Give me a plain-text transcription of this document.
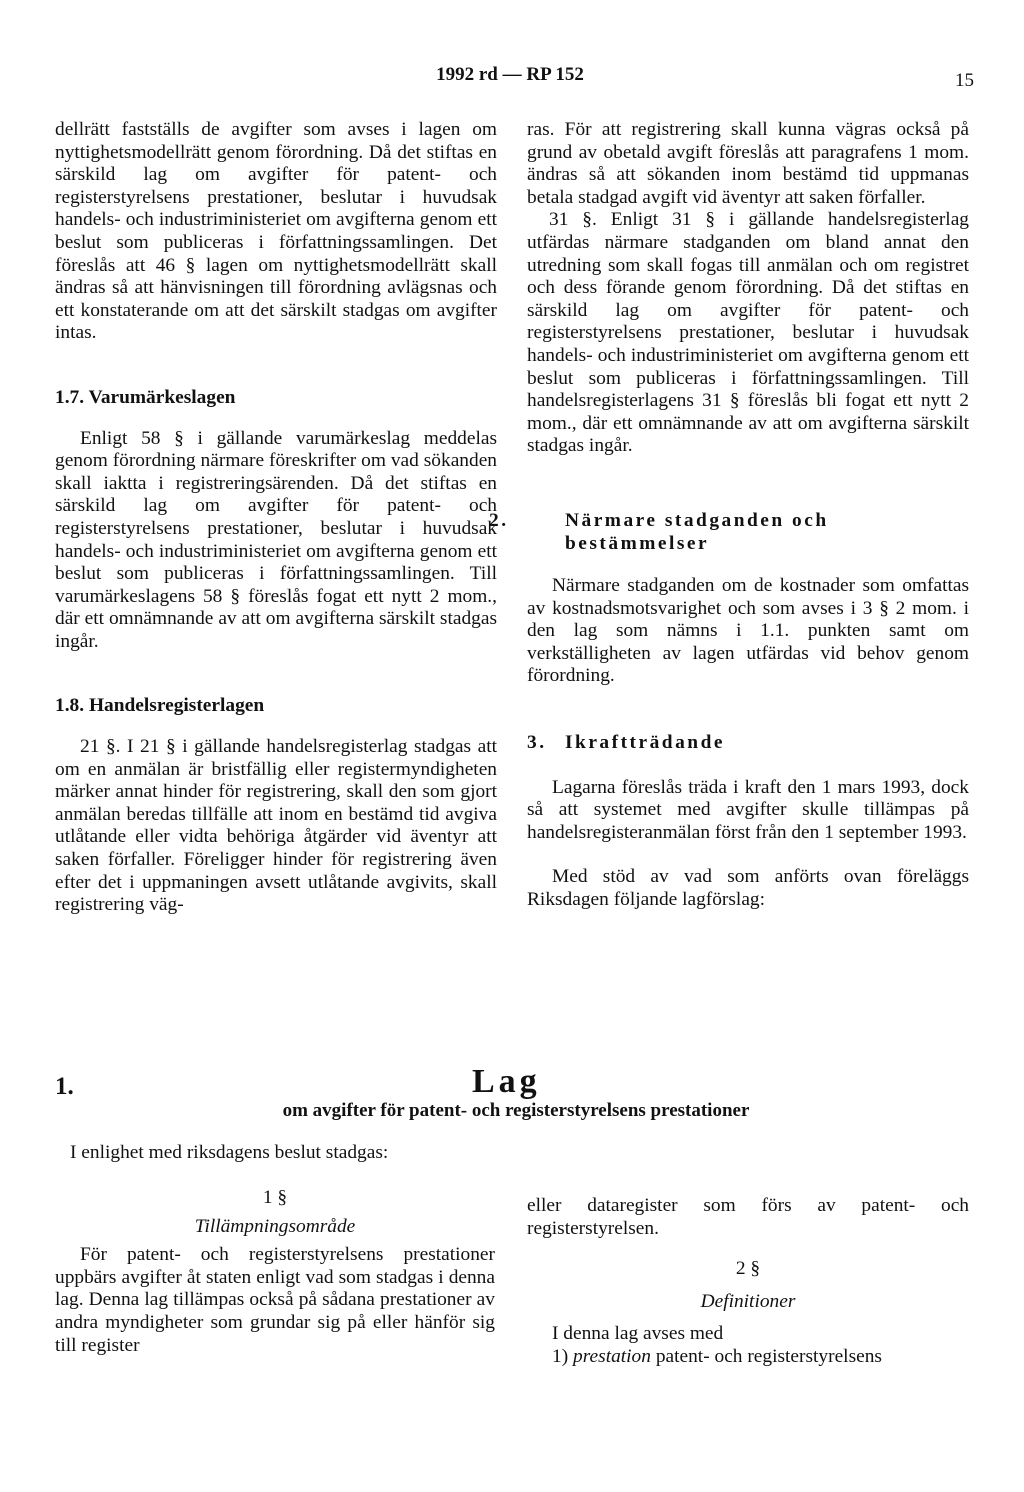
1992 rd — RP 152	15

dellrätt fastställs de avgifter som avses i lagen om nyttighetsmodellrätt genom förordning. Då det stiftas en särskild lag om avgifter för patent- och registerstyrelsens prestationer, beslutar i huvudsak handels- och industriministeriet om avgifterna genom ett beslut som publiceras i författningssamlingen. Det föreslås att 46 § lagen om nyttighetsmodellrätt skall ändras så att hänvisningen till förordning avlägsnas och ett konstaterande om att det särskilt stadgas om avgifter intas.

1.7. Varumärkeslagen

Enligt 58 § i gällande varumärkeslag meddelas genom förordning närmare föreskrifter om vad sökanden skall iaktta i registreringsärenden. Då det stiftas en särskild lag om avgifter för patent- och registerstyrelsens prestationer, beslutar i huvudsak handels- och industriministeriet om avgifterna genom ett beslut som publiceras i författningssamlingen. Till varumärkeslagens 58 § föreslås fogat ett nytt 2 mom., där ett omnämnande av att om avgifterna särskilt stadgas ingår.

1.8. Handelsregisterlagen

21 §. I 21 § i gällande handelsregisterlag stadgas att om en anmälan är bristfällig eller registermyndigheten märker annat hinder för registrering, skall den som gjort anmälan beredas tillfälle att inom en bestämd tid avgiva utlåtande eller vidta behöriga åtgärder vid äventyr att saken förfaller. Föreligger hinder för registrering även efter det i uppmaningen avsett utlåtande avgivits, skall registrering väg-

ras. För att registrering skall kunna vägras också på grund av obetald avgift föreslås att paragrafens 1 mom. ändras så att sökanden inom bestämd tid uppmanas betala stadgad avgift vid äventyr att saken förfaller.

31 §. Enligt 31 § i gällande handelsregisterlag utfärdas närmare stadganden om bland annat den utredning som skall fogas till anmälan och om registret och dess förande genom förordning. Då det stiftas en särskild lag om avgifter för patent- och registerstyrelsens prestationer, beslutar i huvudsak handels- och industriministeriet om avgifterna genom ett beslut som publiceras i författningssamlingen. Till handelsregisterlagens 31 § föreslås bli fogat ett nytt 2 mom., där ett omnämnande av att om avgifterna särskilt stadgas ingår.

2.	Närmare stadganden och bestämmelser

Närmare stadganden om de kostnader som omfattas av kostnadsmotsvarighet och som avses i 3 § 2 mom. i den lag som nämns i 1.1. punkten samt om verkställigheten av lagen utfärdas vid behov genom förordning.

3. Ikraftträdande

Lagarna föreslås träda i kraft den 1 mars 1993, dock så att systemet med avgifter skulle tillämpas på handelsregisteranmälan först från den 1 september 1993.

Med stöd av vad som anförts ovan föreläggs Riksdagen följande lagförslag:

1.	Lag
om avgifter för patent- och registerstyrelsens prestationer
I enlighet med riksdagens beslut stadgas:
1 §
Tillämpningsområde
För patent- och registerstyrelsens prestationer uppbärs avgifter åt staten enligt vad som stadgas i denna lag. Denna lag tillämpas också på sådana prestationer av andra myndigheter som grundar sig på eller hänför sig till register
eller dataregister som förs av patent- och registerstyrelsen.
2 §
Definitioner
I denna lag avses med
1) prestation patent- och registerstyrelsens
